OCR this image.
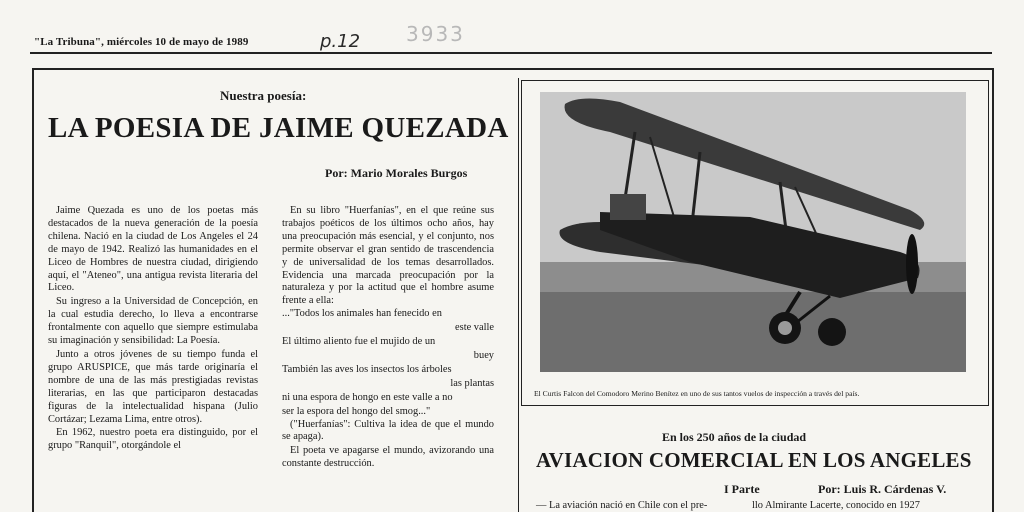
"La Tribuna", miércoles 10 de mayo de 1989	p.12 3933
Nuestra poesía:
LA POESIA DE JAIME QUEZADA
Por: Mario Morales Burgos

Jaime Quezada es uno de los poetas más destacados de la nueva generación de la poesía chilena. Nació en la ciudad de Los Angeles el 24 de mayo de 1942. Realizó las humanidades en el Liceo de Hombres de nuestra ciudad, dirigiendo aquí, el "Ateneo", una antigua revista literaria del Liceo.

Su ingreso a la Universidad de Concepción, en la cual estudia derecho, lo lleva a encontrarse frontalmente con aquello que siempre estimulaba su imaginación y sensibilidad: La Poesía.

Junto a otros jóvenes de su tiempo funda el grupo ARUSPICE, que más tarde originaría el nombre de una de las más prestigiadas revistas literarias, en las que participaron destacadas figuras de la intelectualidad hispana (Julio Cortázar; Lezama Lima, entre otros).

En 1962, nuestro poeta era distinguido, por el grupo "Ranquil", otorgándole el

En su libro "Huerfanías", en el que reúne sus trabajos poéticos de los últimos ocho años, hay una preocupación más esencial, y el conjunto, nos permite observar el gran sentido de trascendencia y de universalidad de los temas desarrollados. Evidencia una marcada preocupación por la naturaleza y por la actitud que el hombre asume frente a ella:

..."Todos los animales han fenecido en

este valle

El último aliento fue el mujido de un

buey

También las aves los insectos los árboles

las plantas

ni una espora de hongo en este valle a no

ser la espora del hongo del smog..."

("Huerfanías": Cultiva la idea de que el mundo se apaga).

El poeta ve apagarse el mundo, avizorando una constante destrucción.

El Curtis Falcon del Comodoro Merino Benítez en uno de sus tantos vuelos de inspección a través del país.
En los 250 años de la ciudad
AVIACION COMERCIAL EN LOS ANGELES
I Parte	Por: Luis R. Cárdenas V.
— La aviación nació en Chile con el pre-	llo Almirante Lacerte, conocido en 1927
